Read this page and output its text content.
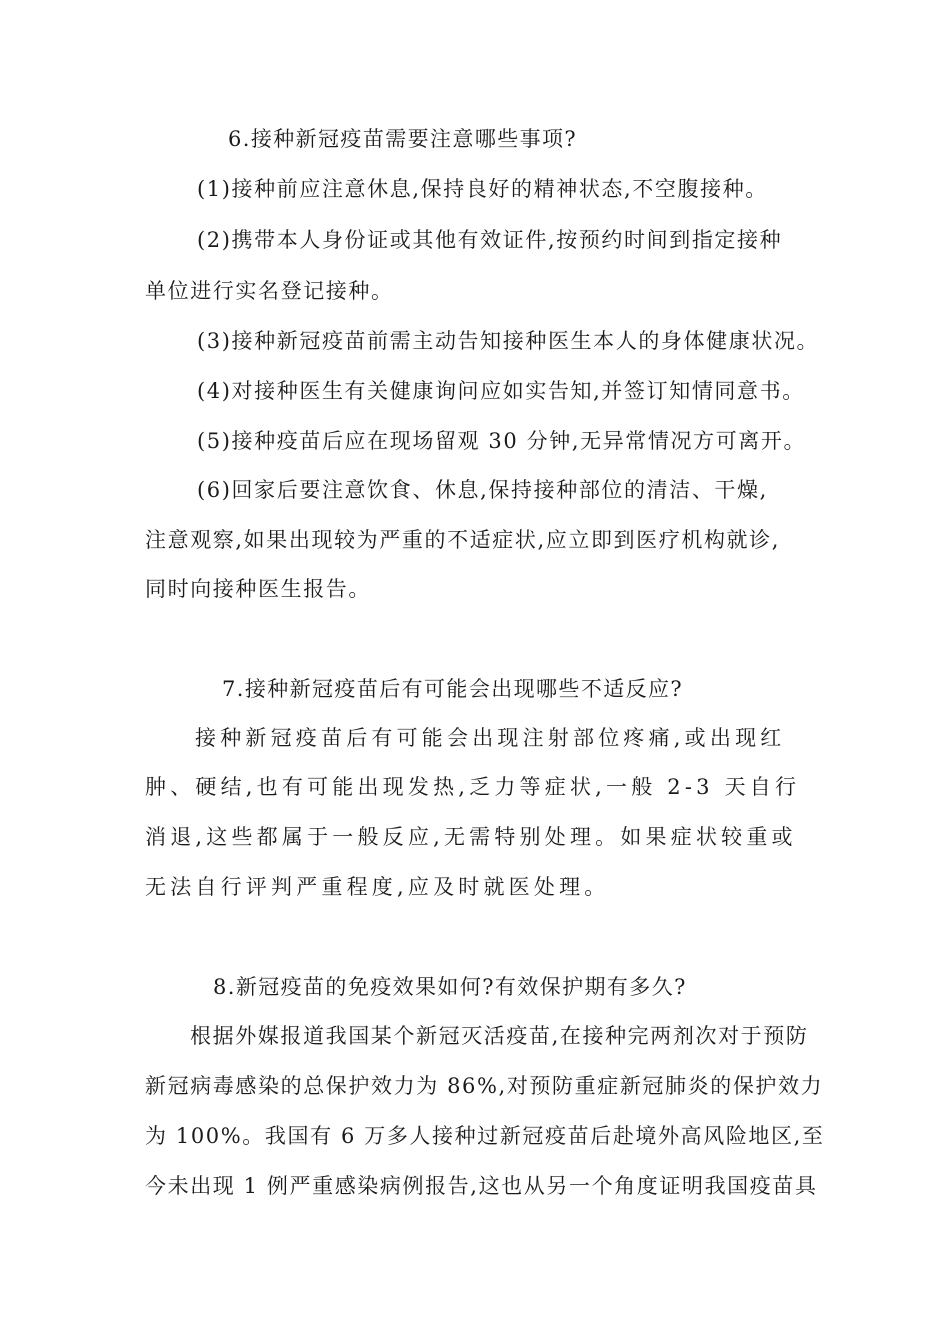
6.接种新冠疫苗需要注意哪些事项?
(1)接种前应注意休息,保持良好的精神状态,不空腹接种。
(2)携带本人身份证或其他有效证件,按预约时间到指定接种
单位进行实名登记接种。
(3)接种新冠疫苗前需主动告知接种医生本人的身体健康状况。
(4)对接种医生有关健康询问应如实告知,并签订知情同意书。
(5)接种疫苗后应在现场留观 30 分钟,无异常情况方可离开。
(6)回家后要注意饮食、休息,保持接种部位的清洁、干燥,
注意观察,如果出现较为严重的不适症状,应立即到医疗机构就诊,
同时向接种医生报告。
7.接种新冠疫苗后有可能会出现哪些不适反应?
接种新冠疫苗后有可能会出现注射部位疼痛,或出现红
肿、硬结,也有可能出现发热,乏力等症状,一般 2-3 天自行
消退,这些都属于一般反应,无需特别处理。如果症状较重或
无法自行评判严重程度,应及时就医处理。
8.新冠疫苗的免疫效果如何?有效保护期有多久?
根据外媒报道我国某个新冠灭活疫苗,在接种完两剂次对于预防
新冠病毒感染的总保护效力为 86%,对预防重症新冠肺炎的保护效力
为 100%。我国有 6 万多人接种过新冠疫苗后赴境外高风险地区,至
今未出现 1 例严重感染病例报告,这也从另一个角度证明我国疫苗具
